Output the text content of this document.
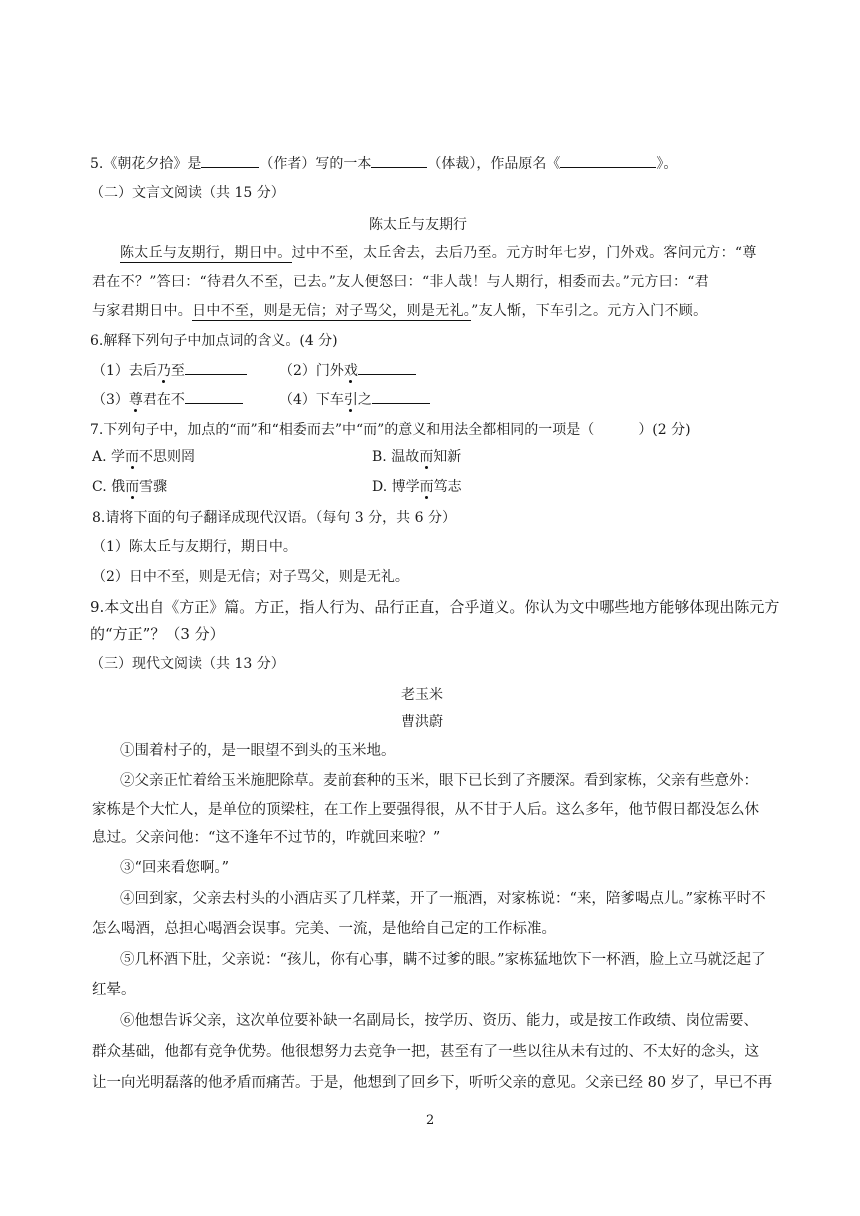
5.《朝花夕拾》是	（作者）写的一本	（体裁），作品原名《	》。
（二）文言文阅读（共 15 分）
陈太丘与友期行
陈太丘与友期行，期日中。过中不至，太丘舍去，去后乃至。元方时年七岁，门外戏。客问元方：“尊
君在不？”答曰：“待君久不至，已去。”友人便怒曰：“非人哉！与人期行，相委而去。”元方曰：“君
与家君期日中。日中不至，则是无信；对子骂父，则是无礼。”友人惭，下车引之。元方入门不顾。
6.解释下列句子中加点词的含义。(4 分)
（1）去后乃至	（2）门外戏
（3）尊君在不	（4）下车引之
7.下列句子中，加点的“而”和“相委而去”中“而”的意义和用法全都相同的一项是（	）(2 分)
A. 学而不思则罔	B. 温故而知新
C. 俄而雪骤	D. 博学而笃志
8.请将下面的句子翻译成现代汉语。（每句 3 分，共 6 分）
（1）陈太丘与友期行，期日中。
（2）日中不至，则是无信；对子骂父，则是无礼。
9.本文出自《方正》篇。方正，指人行为、品行正直，合乎道义。你认为文中哪些地方能够体现出陈元方
的“方正”？（3 分）
（三）现代文阅读（共 13 分）
老玉米
曹洪蔚
①围着村子的，是一眼望不到头的玉米地。
②父亲正忙着给玉米施肥除草。麦前套种的玉米，眼下已长到了齐腰深。看到家栋，父亲有些意外：
家栋是个大忙人，是单位的顶梁柱，在工作上要强得很，从不甘于人后。这么多年，他节假日都没怎么休
息过。父亲问他：“这不逢年不过节的，咋就回来啦？”
③“回来看您啊。”
④回到家，父亲去村头的小酒店买了几样菜，开了一瓶酒，对家栋说：“来，陪爹喝点儿。”家栋平时不
怎么喝酒，总担心喝酒会误事。完美、一流，是他给自己定的工作标准。
⑤几杯酒下肚，父亲说：“孩儿，你有心事，瞒不过爹的眼。”家栋猛地饮下一杯酒，脸上立马就泛起了
红晕。
⑥他想告诉父亲，这次单位要补缺一名副局长，按学历、资历、能力，或是按工作政绩、岗位需要、
群众基础，他都有竞争优势。他很想努力去竞争一把，甚至有了一些以往从未有过的、不太好的念头，这
让一向光明磊落的他矛盾而痛苦。于是，他想到了回乡下，听听父亲的意见。父亲已经 80 岁了，早已不再
2
